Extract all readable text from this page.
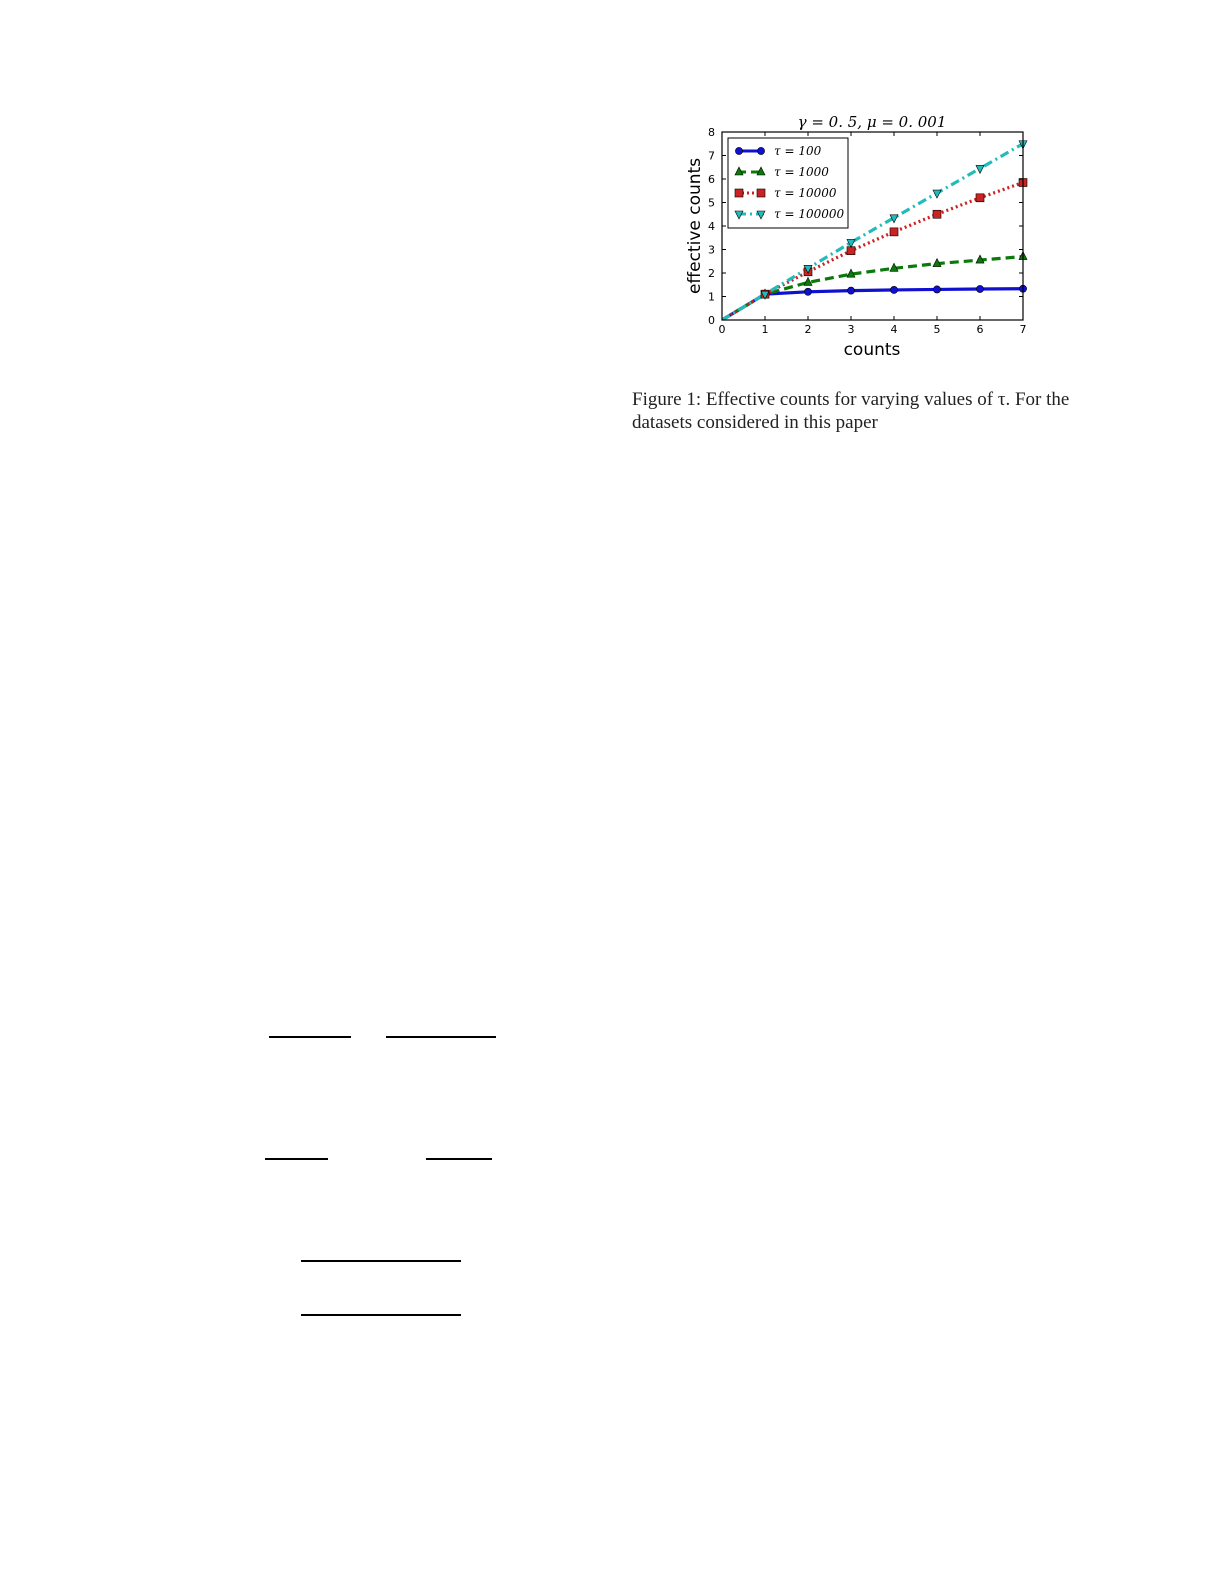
γ = 0. 5, μ = 0. 001
0	1	2	3	4	5	6	7
0
1
2
3
4
5
6
7
8
counts
effective counts
τ = 100
τ = 1000
τ = 10000
τ = 100000
Figure 1: Effective counts for varying values of τ. For the datasets considered in this paper
